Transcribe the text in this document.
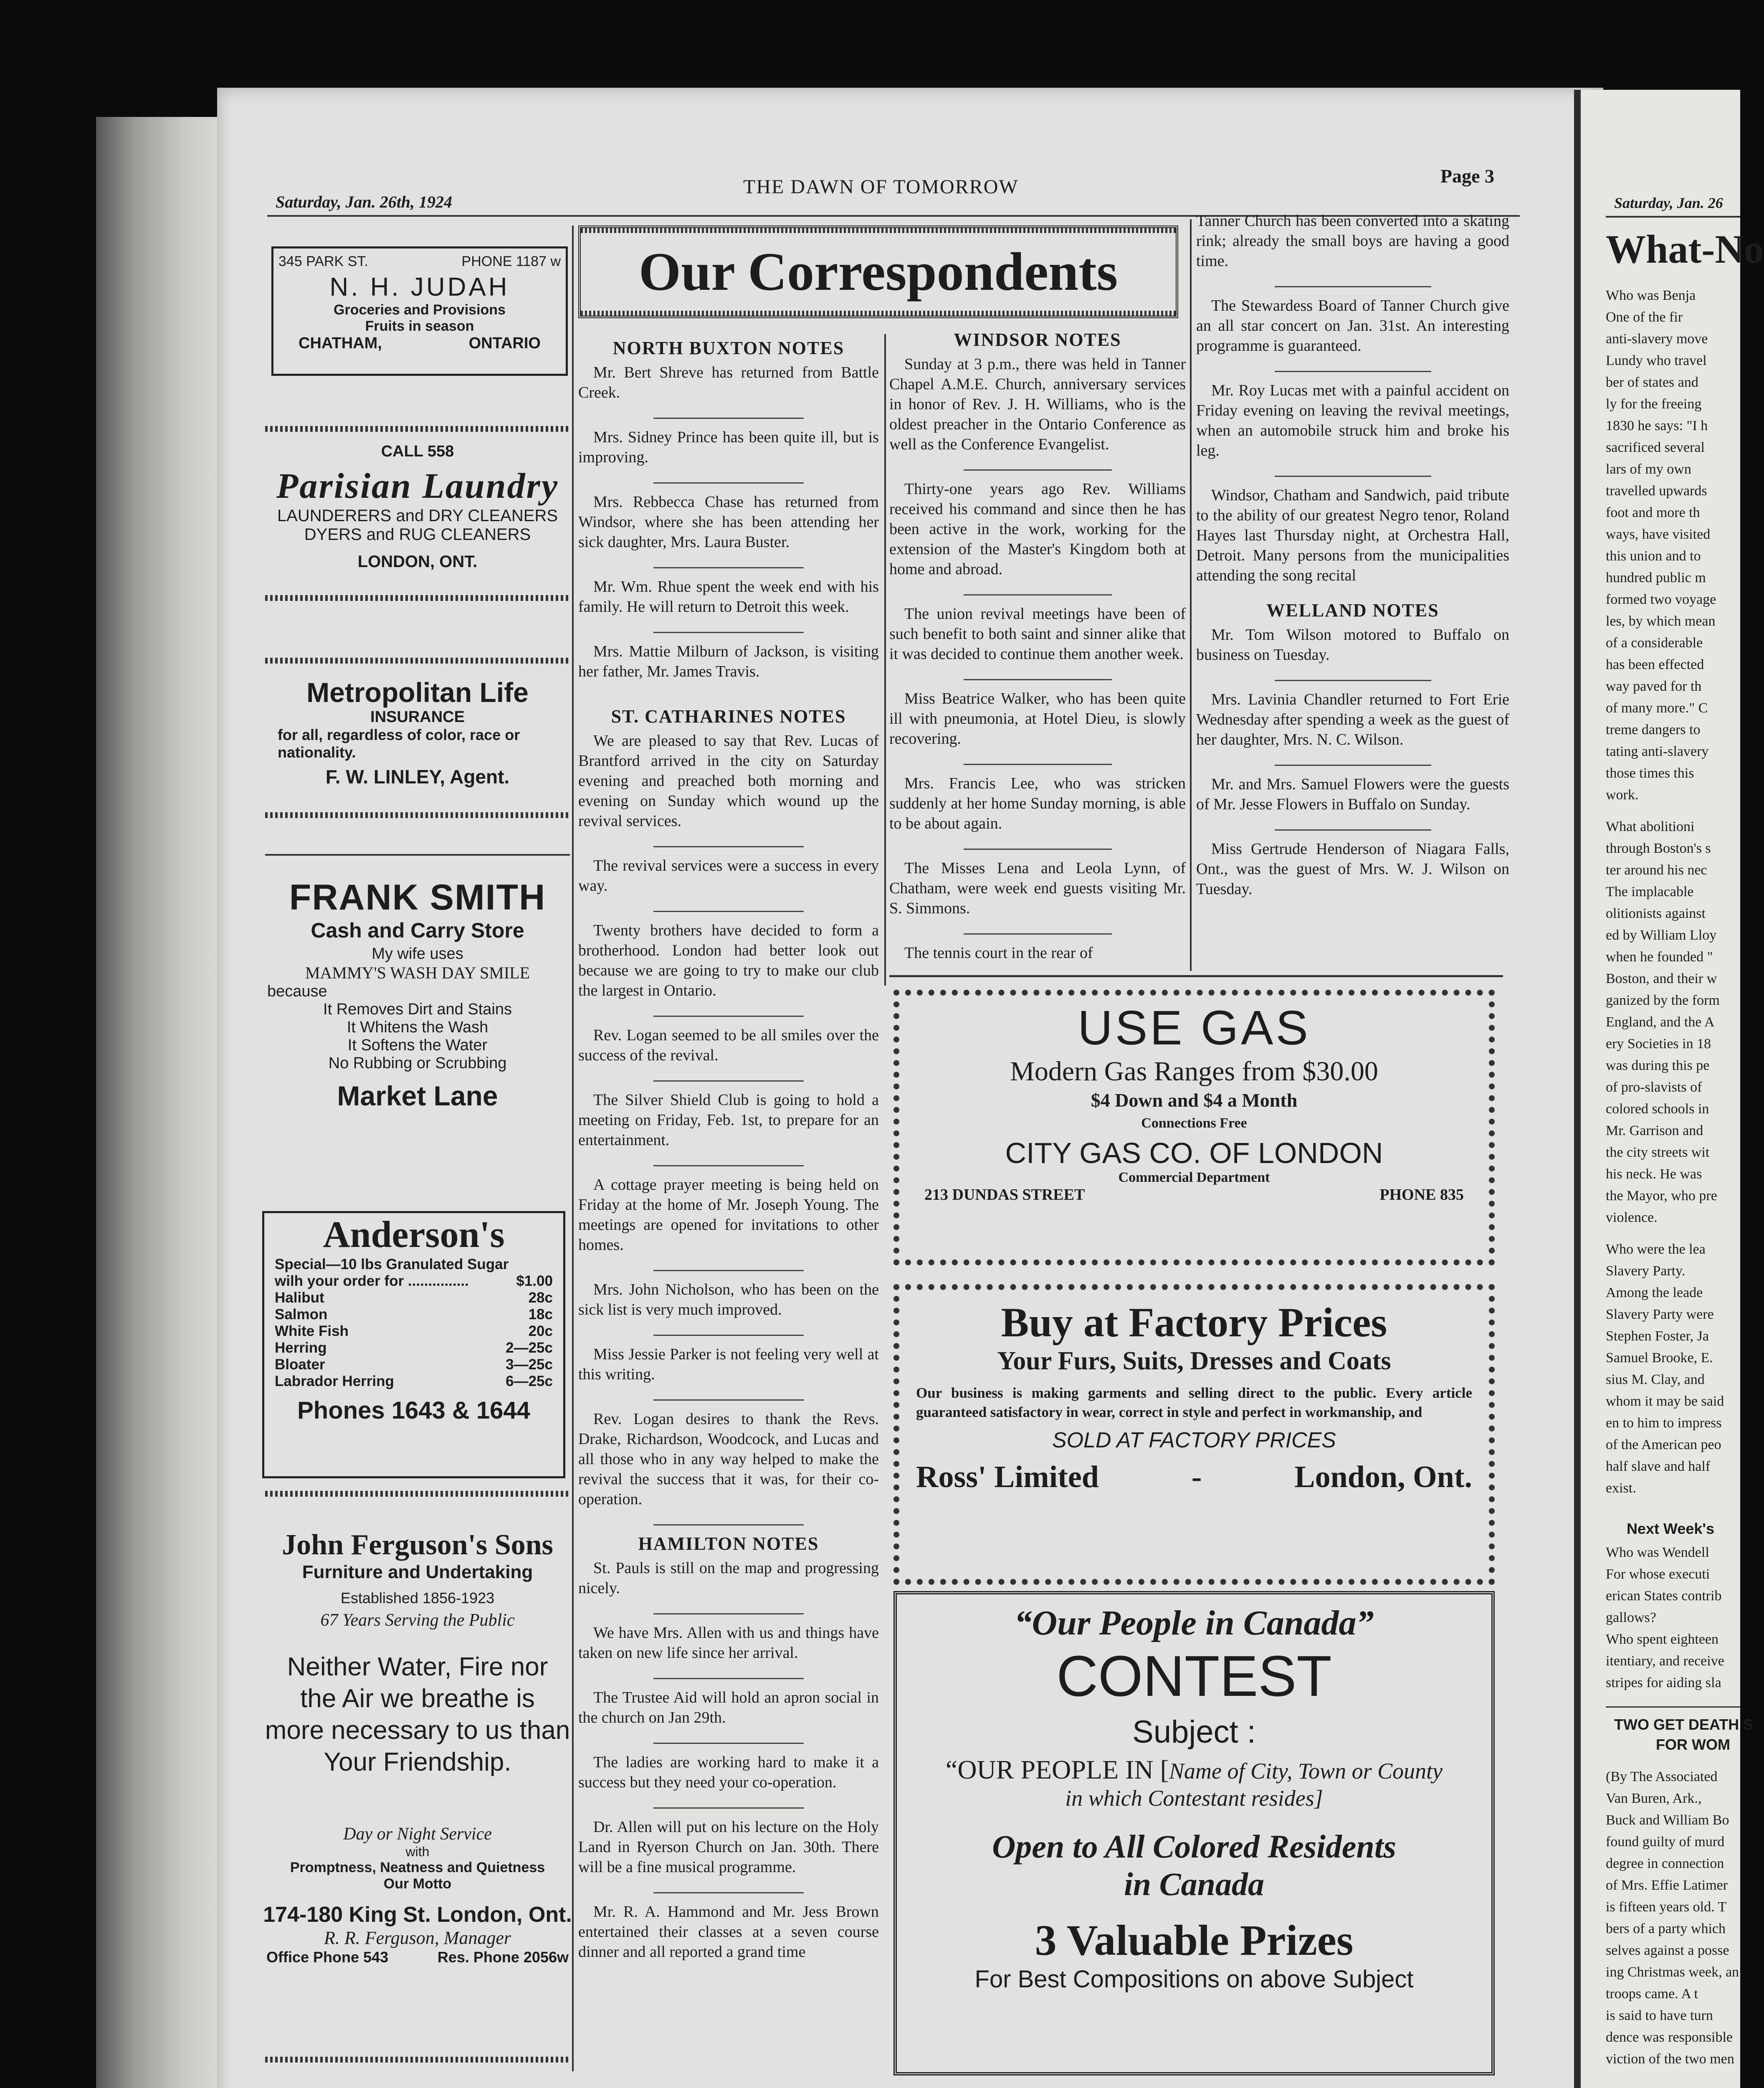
Saturday, Jan. 26th, 1924
THE DAWN OF TOMORROW	Page 3
345 PARK ST.	PHONE 1187 w
N. H. JUDAH
Groceries and Provisions
Fruits in season
CHATHAM,	ONTARIO
CALL 558
Parisian Laundry
LAUNDERERS and DRY CLEANERS
DYERS and RUG CLEANERS
LONDON, ONT.
Metropolitan Life
INSURANCE
for all, regardless of color, race or
nationality.
F. W. LINLEY, Agent.
FRANK SMITH
Cash and Carry Store
My wife uses
MAMMY'S WASH DAY SMILE
because
It Removes Dirt and Stains
It Whitens the Wash
It Softens the Water
No Rubbing or Scrubbing
Market Lane
Anderson's
Special—10 lbs Granulated Sugar
wilh your order for ...............	$1.00
Halibut	28c
Salmon	18c
White Fish	20c
Herring	2—25c
Bloater	3—25c
Labrador Herring	6—25c
Phones 1643 & 1644
John Ferguson's Sons
Furniture and Undertaking
Established 1856-1923
67 Years Serving the Public
Neither Water, Fire nor
the Air we breathe is
more necessary to us than
Your Friendship.
Day or Night Service
with
Promptness, Neatness and Quietness
Our Motto
174-180 King St. London, Ont.
R. R. Ferguson, Manager
Office Phone 543	Res. Phone 2056w
Our Correspondents
NORTH BUXTON NOTES

Mr. Bert Shreve has returned from Battle Creek.

Mrs. Sidney Prince has been quite ill, but is improving.

Mrs. Rebbecca Chase has returned from Windsor, where she has been attending her sick daughter, Mrs. Laura Buster.

Mr. Wm. Rhue spent the week end with his family. He will return to Detroit this week.

Mrs. Mattie Milburn of Jackson, is visiting her father, Mr. James Travis.

ST. CATHARINES NOTES

We are pleased to say that Rev. Lucas of Brantford arrived in the city on Saturday evening and preached both morning and evening on Sunday which wound up the revival services.

The revival services were a success in every way.

Twenty brothers have decided to form a brotherhood. London had better look out because we are going to try to make our club the largest in Ontario.

Rev. Logan seemed to be all smiles over the success of the revival.

The Silver Shield Club is going to hold a meeting on Friday, Feb. 1st, to prepare for an entertainment.

A cottage prayer meeting is being held on Friday at the home of Mr. Joseph Young. The meetings are opened for invitations to other homes.

Mrs. John Nicholson, who has been on the sick list is very much improved.

Miss Jessie Parker is not feeling very well at this writing.

Rev. Logan desires to thank the Revs. Drake, Richardson, Woodcock, and Lucas and all those who in any way helped to make the revival the success that it was, for their co-operation.

HAMILTON NOTES

St. Pauls is still on the map and progressing nicely.

We have Mrs. Allen with us and things have taken on new life since her arrival.

The Trustee Aid will hold an apron social in the church on Jan 29th.

The ladies are working hard to make it a success but they need your co-operation.

Dr. Allen will put on his lecture on the Holy Land in Ryerson Church on Jan. 30th. There will be a fine musical programme.

Mr. R. A. Hammond and Mr. Jess Brown entertained their classes at a seven course dinner and all reported a grand time

WINDSOR NOTES

Sunday at 3 p.m., there was held in Tanner Chapel A.M.E. Church, anniversary services in honor of Rev. J. H. Williams, who is the oldest preacher in the Ontario Conference as well as the Conference Evangelist.

Thirty-one years ago Rev. Williams received his command and since then he has been active in the work, working for the extension of the Master's Kingdom both at home and abroad.

The union revival meetings have been of such benefit to both saint and sinner alike that it was decided to continue them another week.

Miss Beatrice Walker, who has been quite ill with pneumonia, at Hotel Dieu, is slowly recovering.

Mrs. Francis Lee, who was stricken suddenly at her home Sunday morning, is able to be about again.

The Misses Lena and Leola Lynn, of Chatham, were week end guests visiting Mr. S. Simmons.

The tennis court in the rear of

Tanner Church has been converted into a skating rink; already the small boys are having a good time.

The Stewardess Board of Tanner Church give an all star concert on Jan. 31st. An interesting programme is guaranteed.

Mr. Roy Lucas met with a painful accident on Friday evening on leaving the revival meetings, when an automobile struck him and broke his leg.

Windsor, Chatham and Sandwich, paid tribute to the ability of our greatest Negro tenor, Roland Hayes last Thursday night, at Orchestra Hall, Detroit. Many persons from the municipalities attending the song recital

WELLAND NOTES

Mr. Tom Wilson motored to Buffalo on business on Tuesday.

Mrs. Lavinia Chandler returned to Fort Erie Wednesday after spending a week as the guest of her daughter, Mrs. N. C. Wilson.

Mr. and Mrs. Samuel Flowers were the guests of Mr. Jesse Flowers in Buffalo on Sunday.

Miss Gertrude Henderson of Niagara Falls, Ont., was the guest of Mrs. W. J. Wilson on Tuesday.

USE GAS
Modern Gas Ranges from $30.00
$4 Down and $4 a Month
Connections Free
CITY GAS CO. OF LONDON
Commercial Department
213 DUNDAS STREET	PHONE 835
Buy at Factory Prices
Your Furs, Suits, Dresses and Coats
Our business is making garments and selling direct to the public. Every article guaranteed satisfactory in wear, correct in style and perfect in workmanship, and
SOLD AT FACTORY PRICES
Ross' Limited	-	London, Ont.
“Our People in Canada”
CONTEST
Subject :
“OUR PEOPLE IN [Name of City, Town or County
in which Contestant resides]
Open to All Colored Residents
in Canada
3 Valuable Prizes
For Best Compositions on above Subject
Saturday, Jan. 26
What-No
Who was Benja
One of the fir
anti-slavery move
Lundy who travel
ber of states and
ly for the freeing
1830 he says: "I h
sacrificed several
lars of my own
travelled upwards
foot and more th
ways, have visited
this union and to
hundred public m
formed two voyage
les, by which mean
of a considerable
has been effected
way paved for th
of many more." C
treme dangers to
tating anti-slavery
those times this
work.
What abolitioni
through Boston's s
ter around his nec
The implacable
olitionists against
ed by William Lloy
when he founded "
Boston, and their w
ganized by the form
England, and the A
ery Societies in 18
was during this pe
of pro-slavists of
colored schools in
Mr. Garrison and
the city streets wit
his neck. He was
the Mayor, who pre
violence.
Who were the lea
Slavery Party.
Among the leade
Slavery Party were
Stephen Foster, Ja
Samuel Brooke, E.
sius M. Clay, and
whom it may be said
en to him to impress
of the American peo
half slave and half
exist.
Next Week's
Who was Wendell
For whose executi
erican States contrib
gallows?
Who spent eighteen
itentiary, and receive
stripes for aiding sla
TWO GET DEATH S
FOR WOM
(By The Associated
Van Buren, Ark.,
Buck and William Bo
found guilty of murd
degree in connection
of Mrs. Effie Latimer
is fifteen years old. T
bers of a party which
selves against a posse
ing Christmas week, an
troops came. A t
is said to have turn
dence was responsible
viction of the two men
